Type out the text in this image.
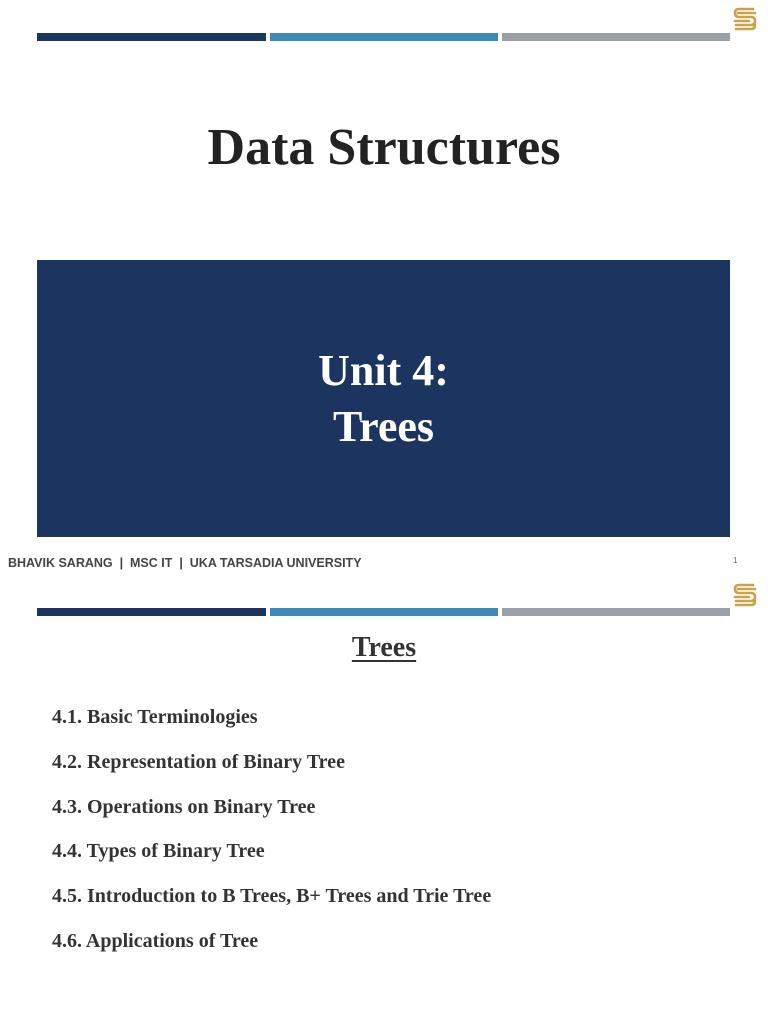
Data Structures
Unit 4:
Trees
BHAVIK SARANG  |  MSC IT  |  UKA TARSADIA UNIVERSITY	1
Trees
4.1. Basic Terminologies
4.2. Representation of Binary Tree
4.3. Operations on Binary Tree
4.4. Types of Binary Tree
4.5. Introduction to B Trees, B+ Trees and Trie Tree
4.6. Applications of Tree
